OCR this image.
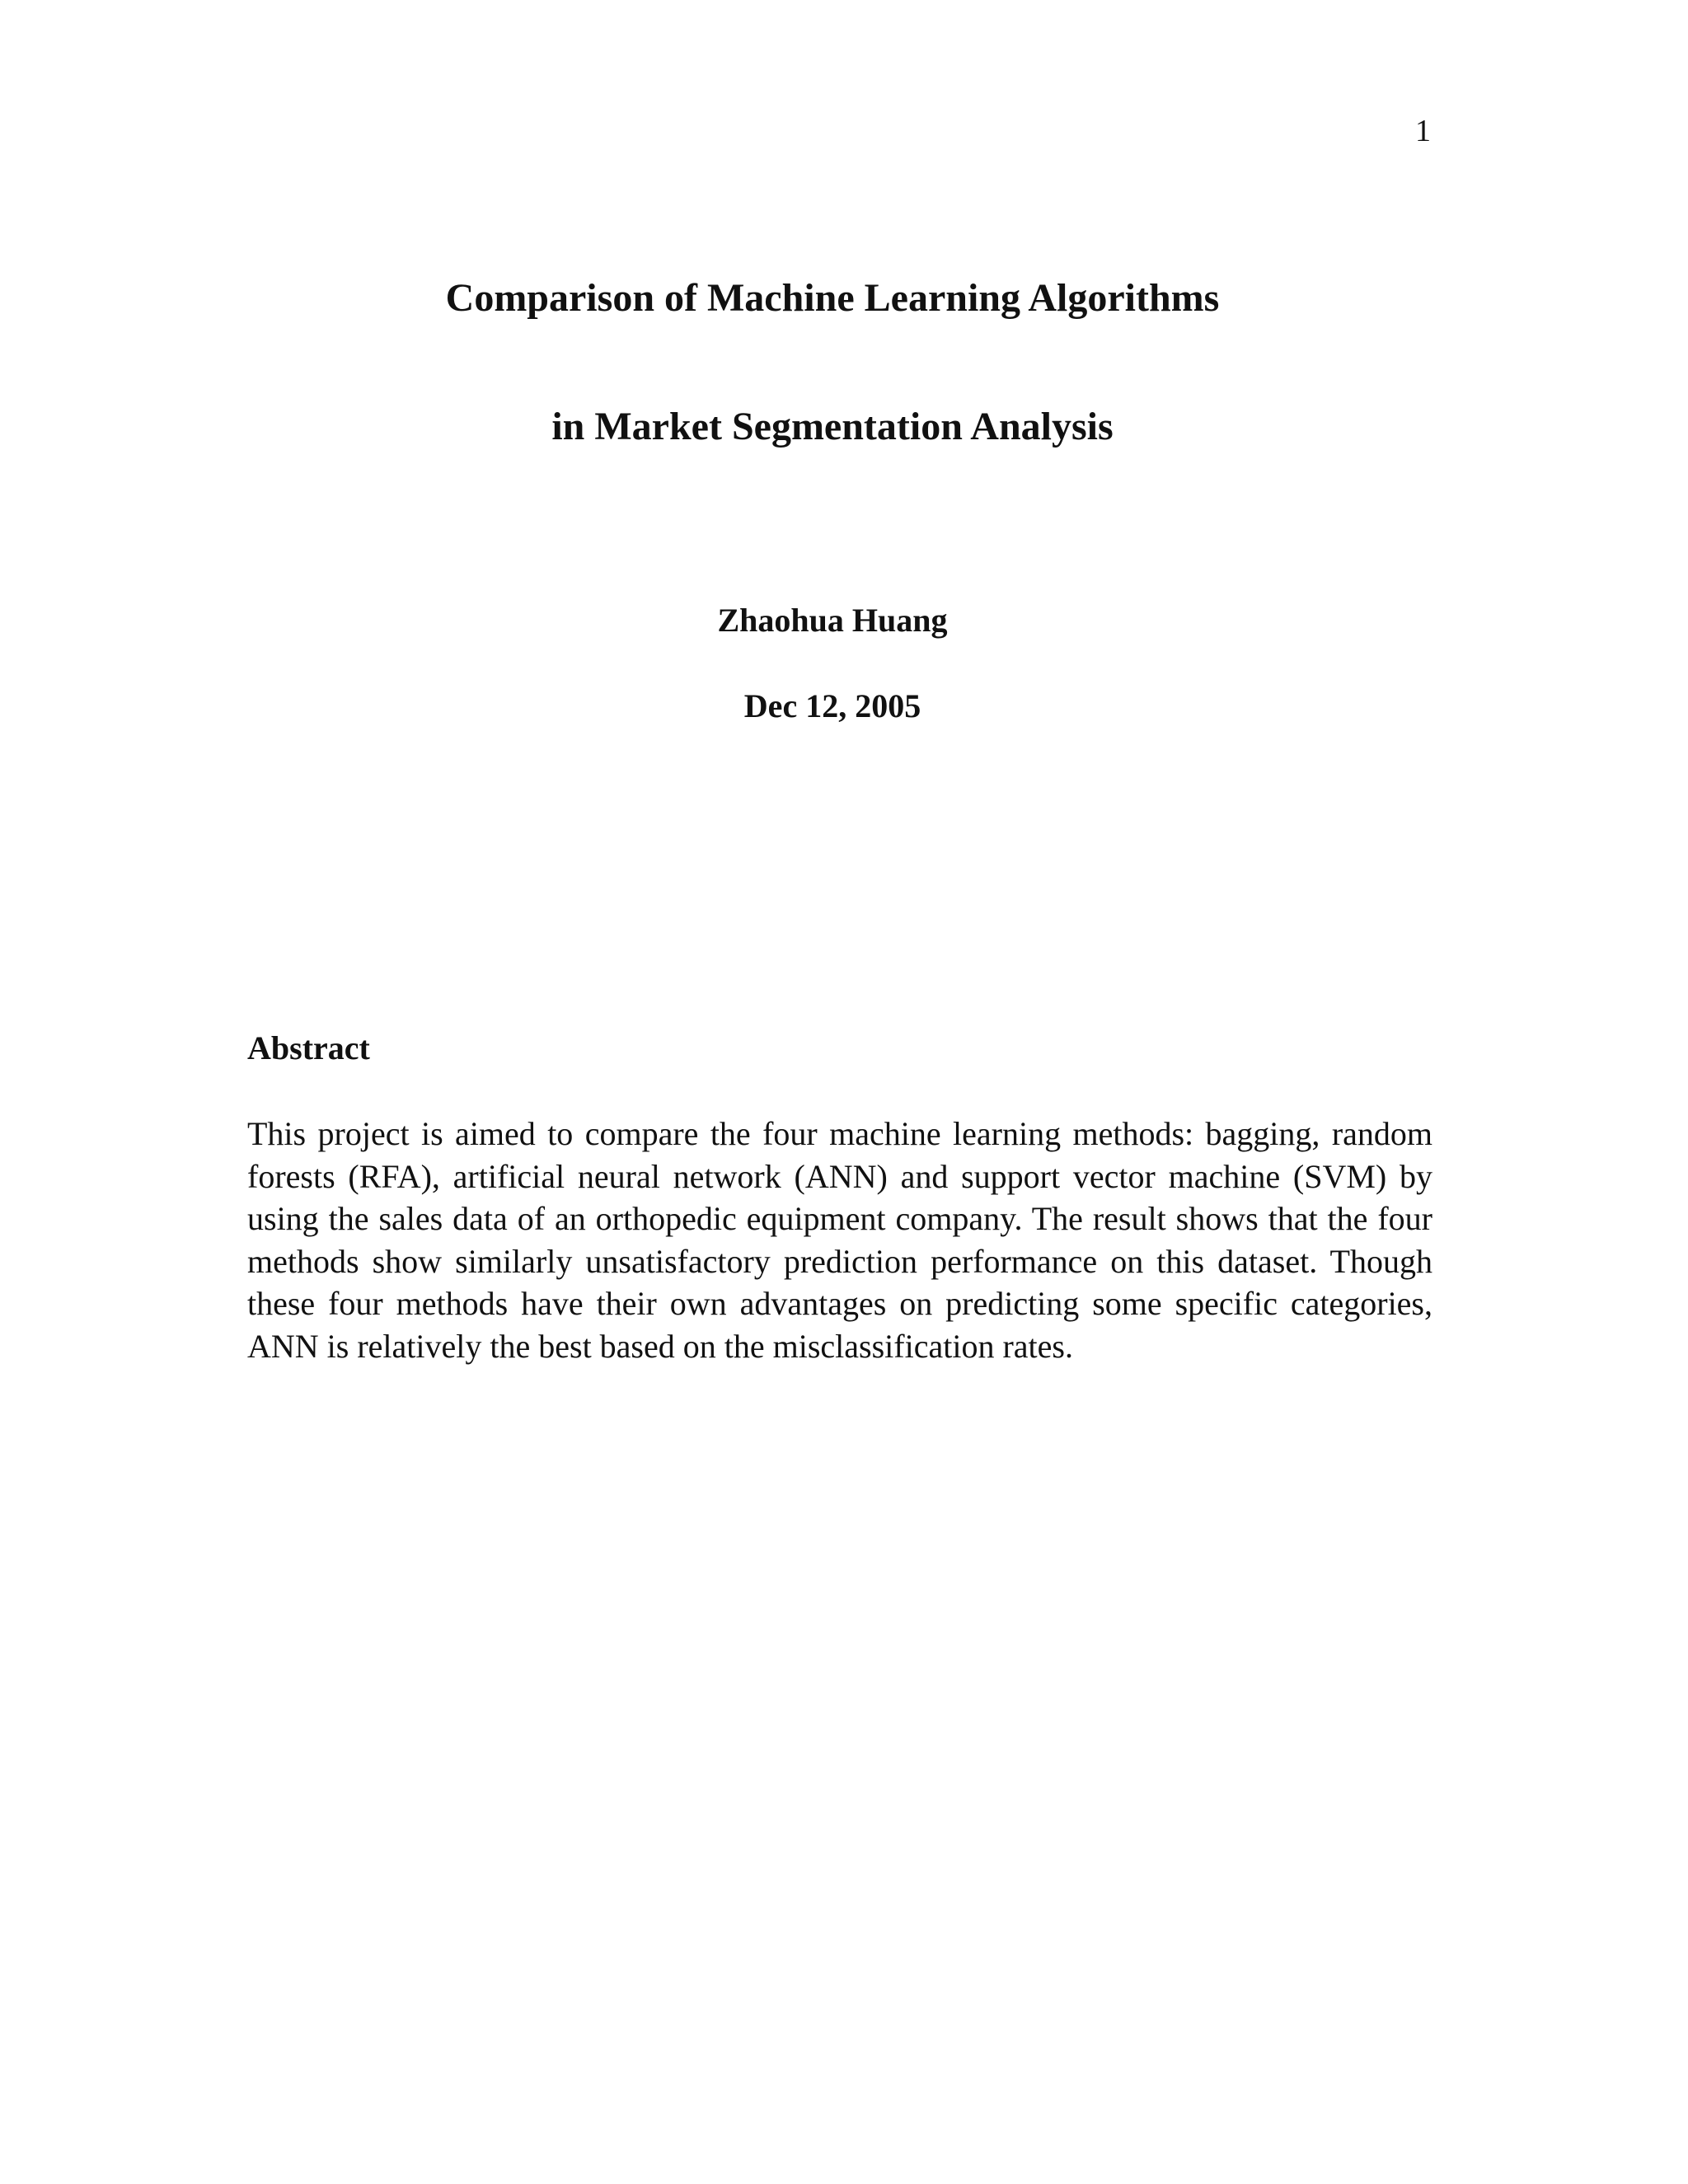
1
Comparison of Machine Learning Algorithms
in Market Segmentation Analysis
Zhaohua Huang
Dec 12, 2005
Abstract

This project is aimed to compare the four machine learning methods: bagging, random forests (RFA), artificial neural network (ANN) and support vector machine (SVM) by using the sales data of an orthopedic equipment company. The result shows that the four methods show similarly unsatisfactory prediction performance on this dataset. Though these four methods have their own advantages on predicting some specific categories, ANN is relatively the best based on the misclassification rates.
